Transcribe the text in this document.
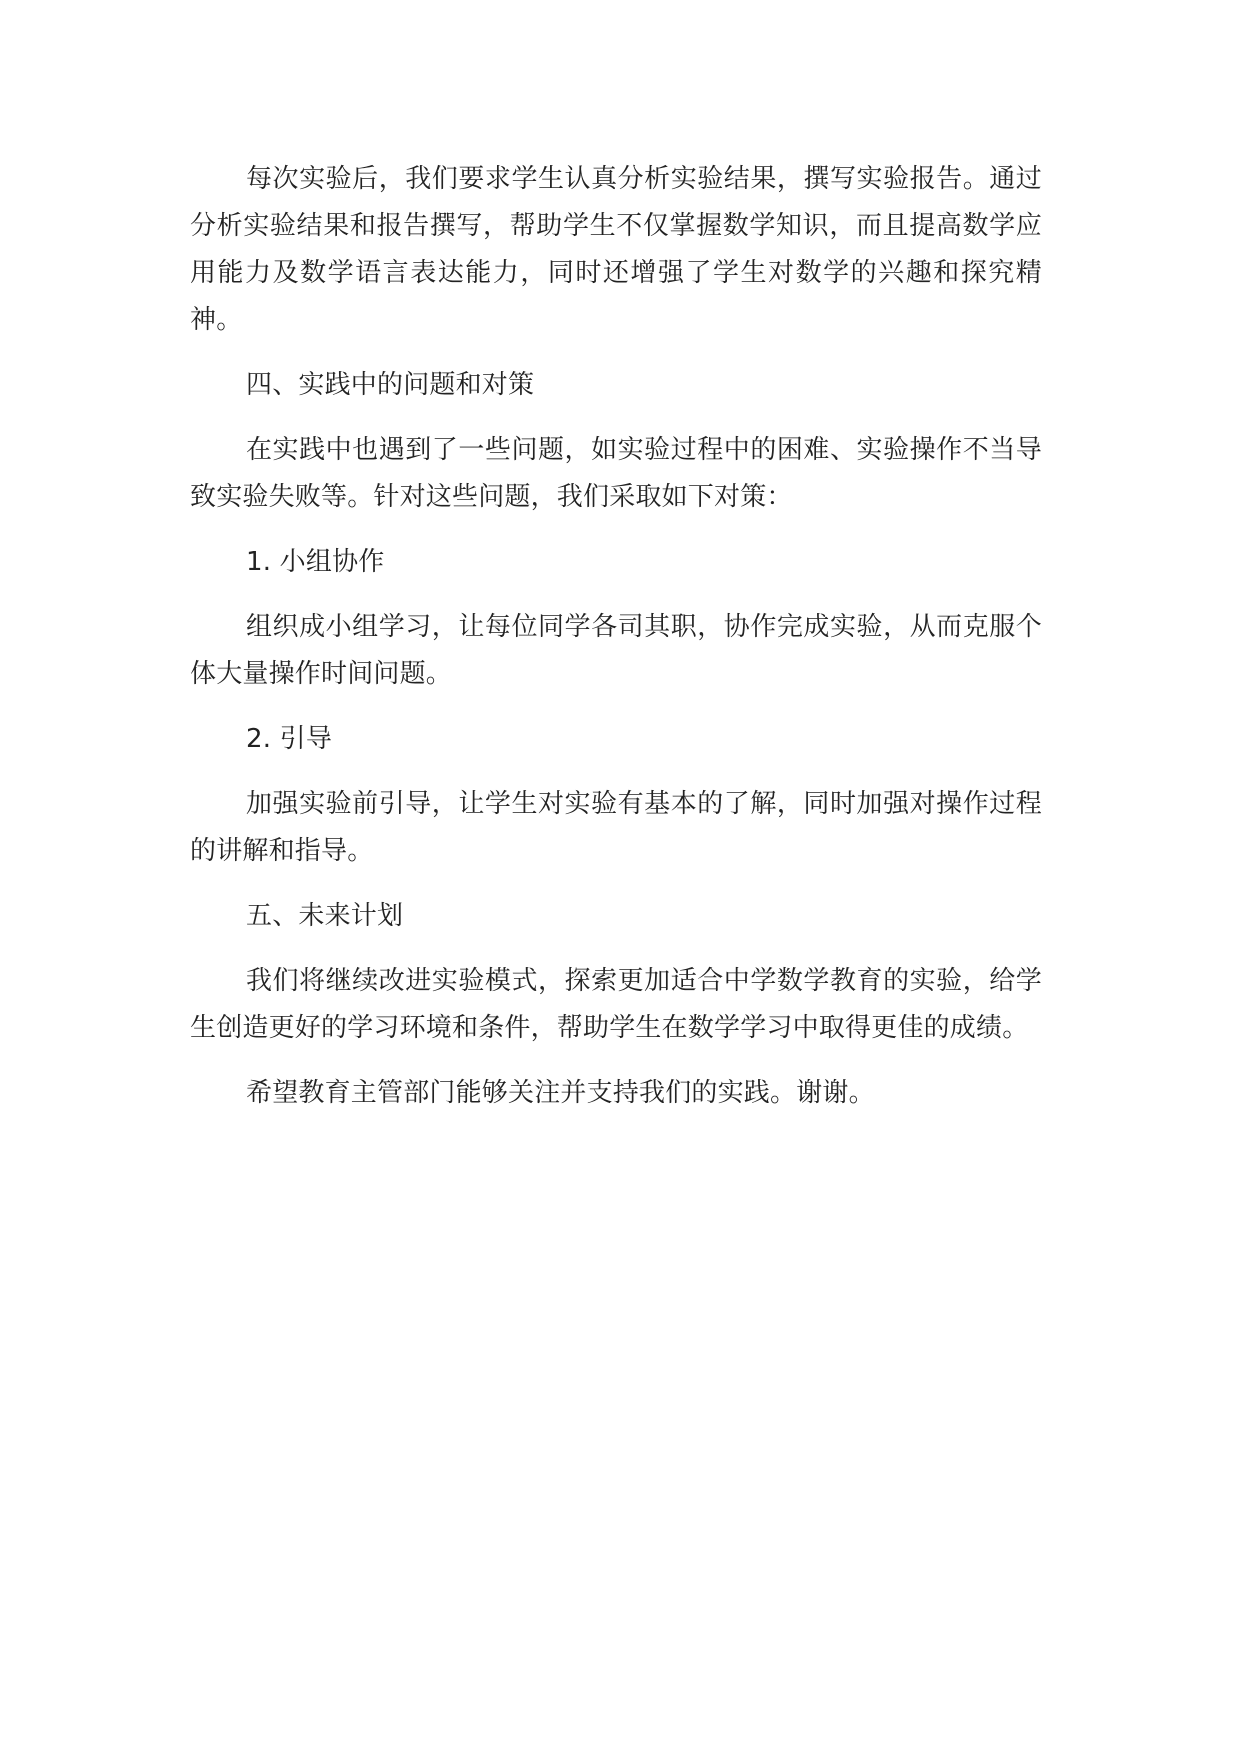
每次实验后，我们要求学生认真分析实验结果，撰写实验报告。通过分析实验结果和报告撰写，帮助学生不仅掌握数学知识，而且提高数学应用能力及数学语言表达能力，同时还增强了学生对数学的兴趣和探究精神。

四、实践中的问题和对策

在实践中也遇到了一些问题，如实验过程中的困难、实验操作不当导致实验失败等。针对这些问题，我们采取如下对策：

1. 小组协作

组织成小组学习，让每位同学各司其职，协作完成实验，从而克服个体大量操作时间问题。

2. 引导

加强实验前引导，让学生对实验有基本的了解，同时加强对操作过程的讲解和指导。

五、未来计划

我们将继续改进实验模式，探索更加适合中学数学教育的实验，给学生创造更好的学习环境和条件，帮助学生在数学学习中取得更佳的成绩。

希望教育主管部门能够关注并支持我们的实践。谢谢。
